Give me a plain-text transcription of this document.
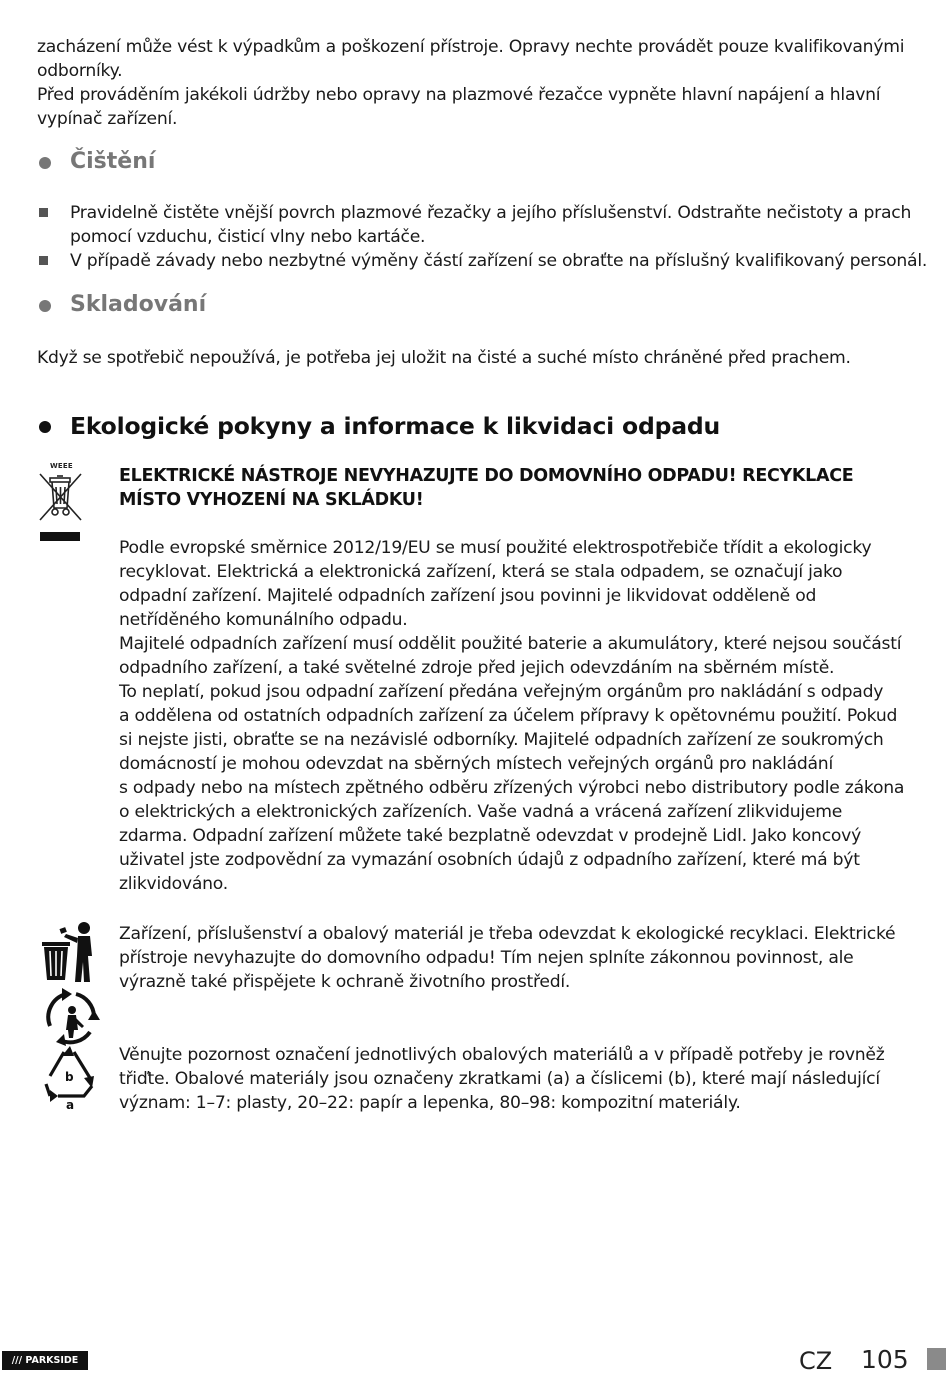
zacházení může vést k výpadkům a poškození přístroje. Opravy nechte provádět pouze kvalifikovanými

odborníky.

Před prováděním jakékoli údržby nebo opravy na plazmové řezačce vypněte hlavní napájení a hlavní

vypínač zařízení.

Čištění

Pravidelně čistěte vnější povrch plazmové řezačky a jejího příslušenství. Odstraňte nečistoty a prach

pomocí vzduchu, čisticí vlny nebo kartáče.

V případě závady nebo nezbytné výměny částí zařízení se obraťte na příslušný kvalifikovaný personál.

Skladování

Když se spotřebič nepoužívá, je potřeba jej uložit na čisté a suché místo chráněné před prachem.

Ekologické pokyny a informace k likvidaci odpadu
WEEE	ELEKTRICKÉ NÁSTROJE NEVYHAZUJTE DO DOMOVNÍHO ODPADU! RECYKLACE

MÍSTO VYHOZENÍ NA SKLÁDKU!

Podle evropské směrnice 2012/19/EU se musí použité elektrospotřebiče třídit a ekologicky

recyklovat. Elektrická a elektronická zařízení, která se stala odpadem, se označují jako

odpadní zařízení. Majitelé odpadních zařízení jsou povinni je likvidovat odděleně od

netříděného komunálního odpadu.

Majitelé odpadních zařízení musí oddělit použité baterie a akumulátory, které nejsou součástí

odpadního zařízení, a také světelné zdroje před jejich odevzdáním na sběrném místě.

To neplatí, pokud jsou odpadní zařízení předána veřejným orgánům pro nakládání s odpady

a oddělena od ostatních odpadních zařízení za účelem přípravy k opětovnému použití. Pokud

si nejste jisti, obraťte se na nezávislé odborníky. Majitelé odpadních zařízení ze soukromých

domácností je mohou odevzdat na sběrných místech veřejných orgánů pro nakládání

s odpady nebo na místech zpětného odběru zřízených výrobci nebo distributory podle zákona

o elektrických a elektronických zařízeních. Vaše vadná a vrácená zařízení zlikvidujeme

zdarma. Odpadní zařízení můžete také bezplatně odevzdat v prodejně Lidl. Jako koncový

uživatel jste zodpovědní za vymazání osobních údajů z odpadního zařízení, které má být

zlikvidováno.

Zařízení, příslušenství a obalový materiál je třeba odevzdat k ekologické recyklaci. Elektrické

přístroje nevyhazujte do domovního odpadu! Tím nejen splníte zákonnou povinnost, ale

výrazně také přispějete k ochraně životního prostředí.

b
a

Věnujte pozornost označení jednotlivých obalových materiálů a v případě potřeby je rovněž

třiďte. Obalové materiály jsou označeny zkratkami (a) a číslicemi (b), které mají následující

význam: 1–7: plasty, 20–22: papír a lepenka, 80–98: kompozitní materiály.

/// PARKSIDE	CZ 105
